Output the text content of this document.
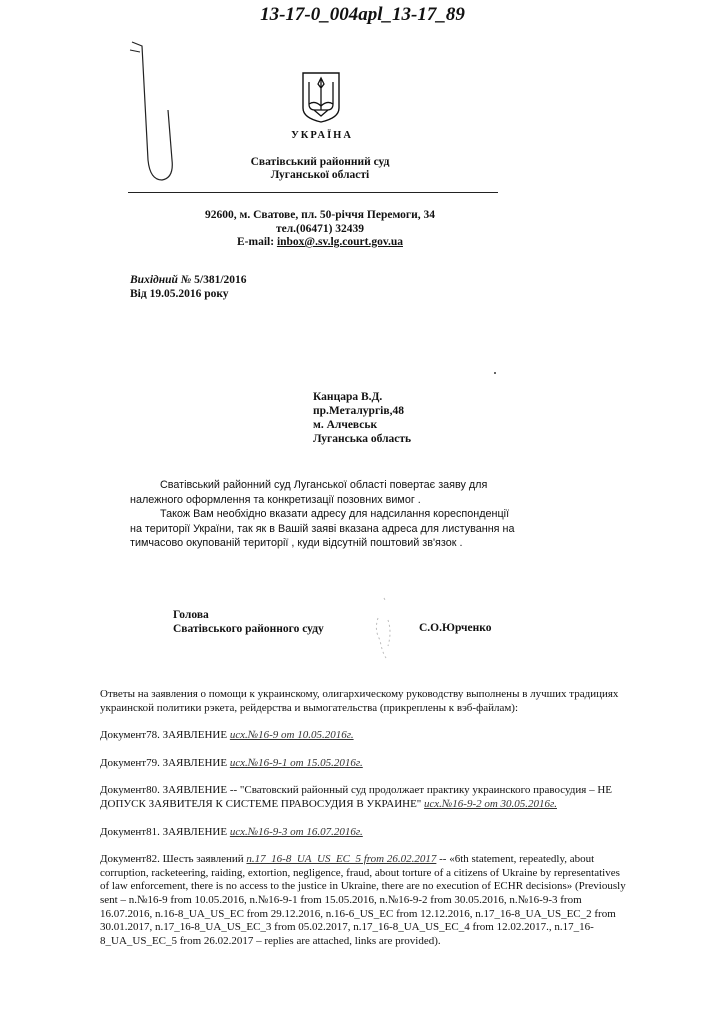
13-17-0_004apl_13-17_89
УКРАЇНА
Сватівський районний суд
Луганської області
92600, м. Сватове, пл. 50-річчя Перемоги, 34
тел.(06471) 32439
E-mail: inbox@.sv.lg.court.gov.ua
Вихідний № 5/381/2016
Від 19.05.2016 року
Канцара В.Д.
пр.Металургів,48
м. Алчевськ
Луганська область

Сватівський районний суд Луганської області повертає заяву для належного оформлення та конкретизації позовних вимог .

Також Вам необхідно вказати адресу для надсилання кореспонденції на території України, так як в Вашій заяві вказана адреса для листування на тимчасово окупованій території , куди відсутній поштовий зв'язок .

Голова
Сватівського районного суду	С.О.Юрченко

Ответы на заявления о помощи к украинскому, олигархическому руководству выполнены в лучших традициях украинской политики рэкета, рейдерства и вымогательства (прикреплены к вэб-файлам):

Документ78. ЗАЯВЛЕНИЕ исх.№16-9 от 10.05.2016г.

Документ79. ЗАЯВЛЕНИЕ исх.№16-9-1 от 15.05.2016г.

Документ80. ЗАЯВЛЕНИЕ -- "Сватовский районный суд продолжает практику украинского правосудия – НЕ ДОПУСК ЗАЯВИТЕЛЯ К СИСТЕМЕ ПРАВОСУДИЯ В УКРАИНЕ" исх.№16-9-2 от 30.05.2016г.

Документ81. ЗАЯВЛЕНИЕ исх.№16-9-3 от 16.07.2016г.

Документ82. Шесть заявлений n.17_16-8_UA_US_EC_5 from 26.02.2017 -- «6th statement, repeatedly, about corruption, racketeering, raiding, extortion, negligence, fraud, about torture of a citizens of Ukraine by representatives of law enforcement, there is no access to the justice in Ukraine, there are no execution of ECHR decisions» (Previously sent – n.№16-9 from 10.05.2016, n.№16-9-1 from 15.05.2016, n.№16-9-2 from 30.05.2016, n.№16-9-3 from 16.07.2016, n.16-8_UA_US_EC from 29.12.2016, n.16-6_US_EC from 12.12.2016, n.17_16-8_UA_US_EC_2 from 30.01.2017, n.17_16-8_UA_US_EC_3 from 05.02.2017, n.17_16-8_UA_US_EC_4 from 12.02.2017., n.17_16-8_UA_US_EC_5 from 26.02.2017 – replies are attached, links are provided).
